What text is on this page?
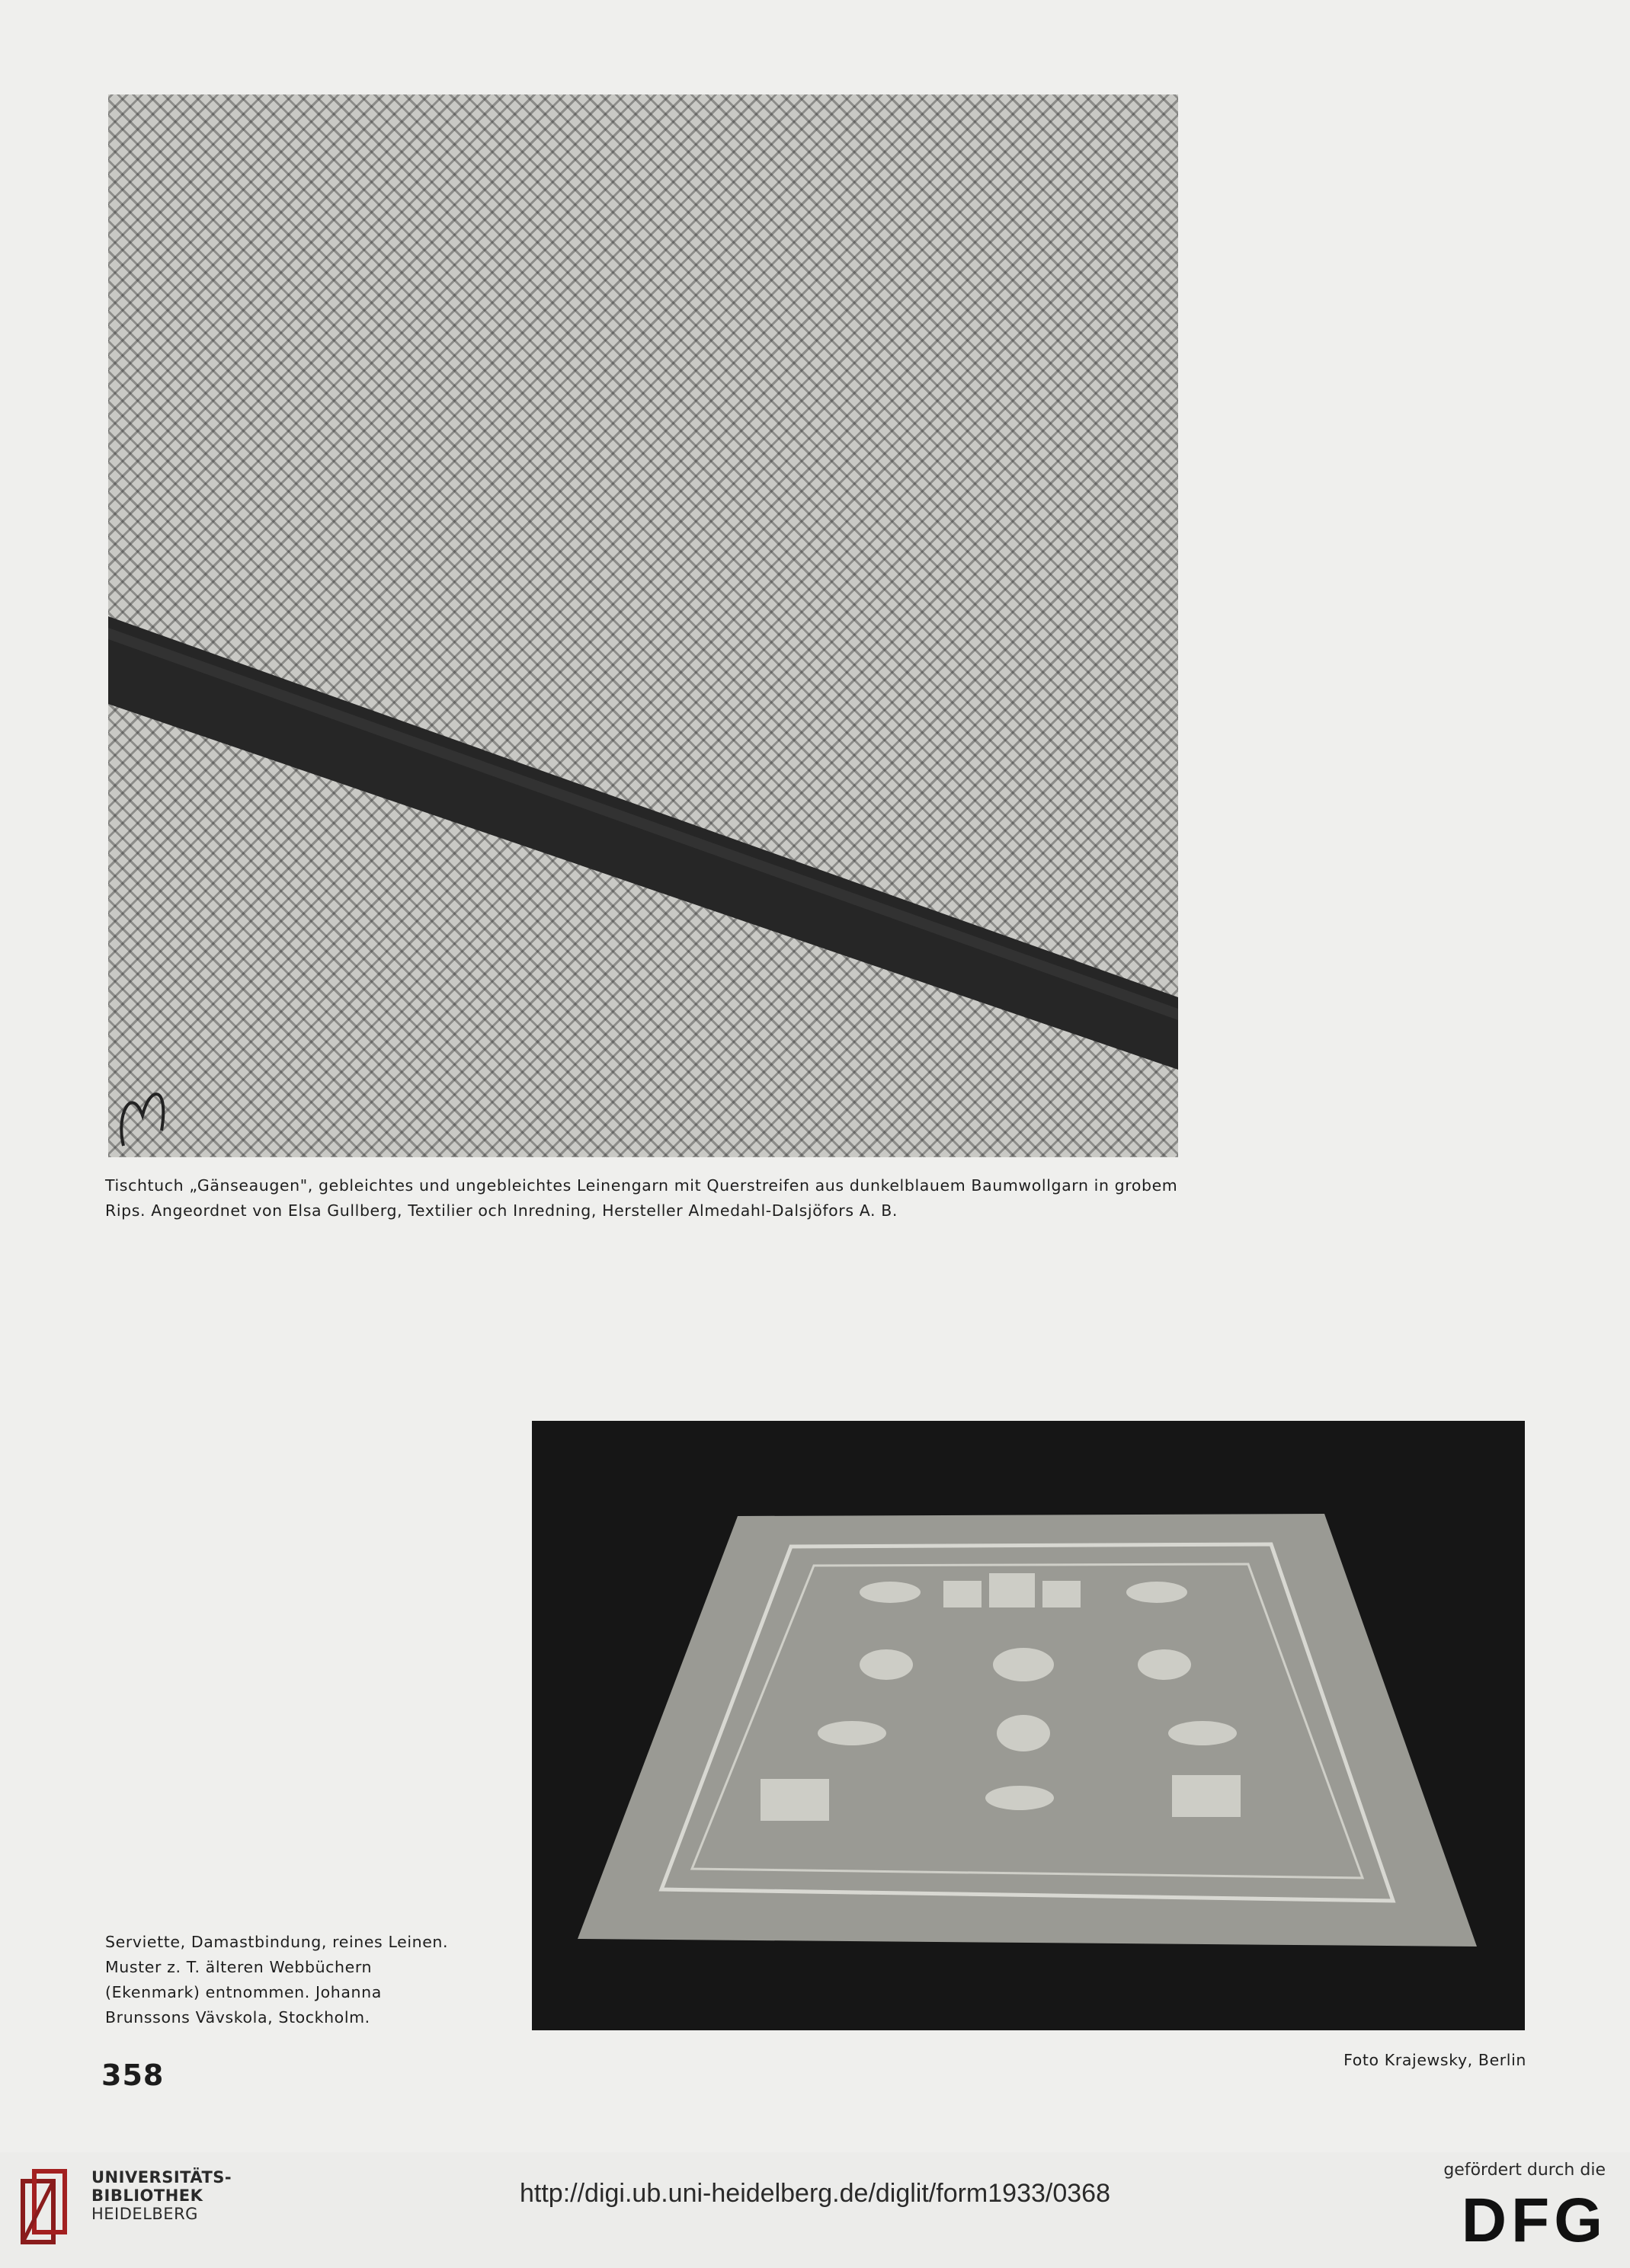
Tischtuch „Gänseaugen", gebleichtes und ungebleichtes Leinengarn mit Querstreifen aus dunkelblauem Baumwollgarn in grobem Rips. Angeordnet von Elsa Gullberg, Textilier och Inredning, Hersteller Almedahl-Dalsjöfors A. B.

Serviette, Damastbindung, reines Leinen. Muster z. T. älteren Webbüchern (Ekenmark) entnommen. Johanna Brunssons Vävskola, Stockholm.

Foto Krajewsky, Berlin

358

UNIVERSITÄTS-
BIBLIOTHEK
HEIDELBERG
http://digi.ub.uni-heidelberg.de/diglit/form1933/0368
gefördert durch die
DFG
